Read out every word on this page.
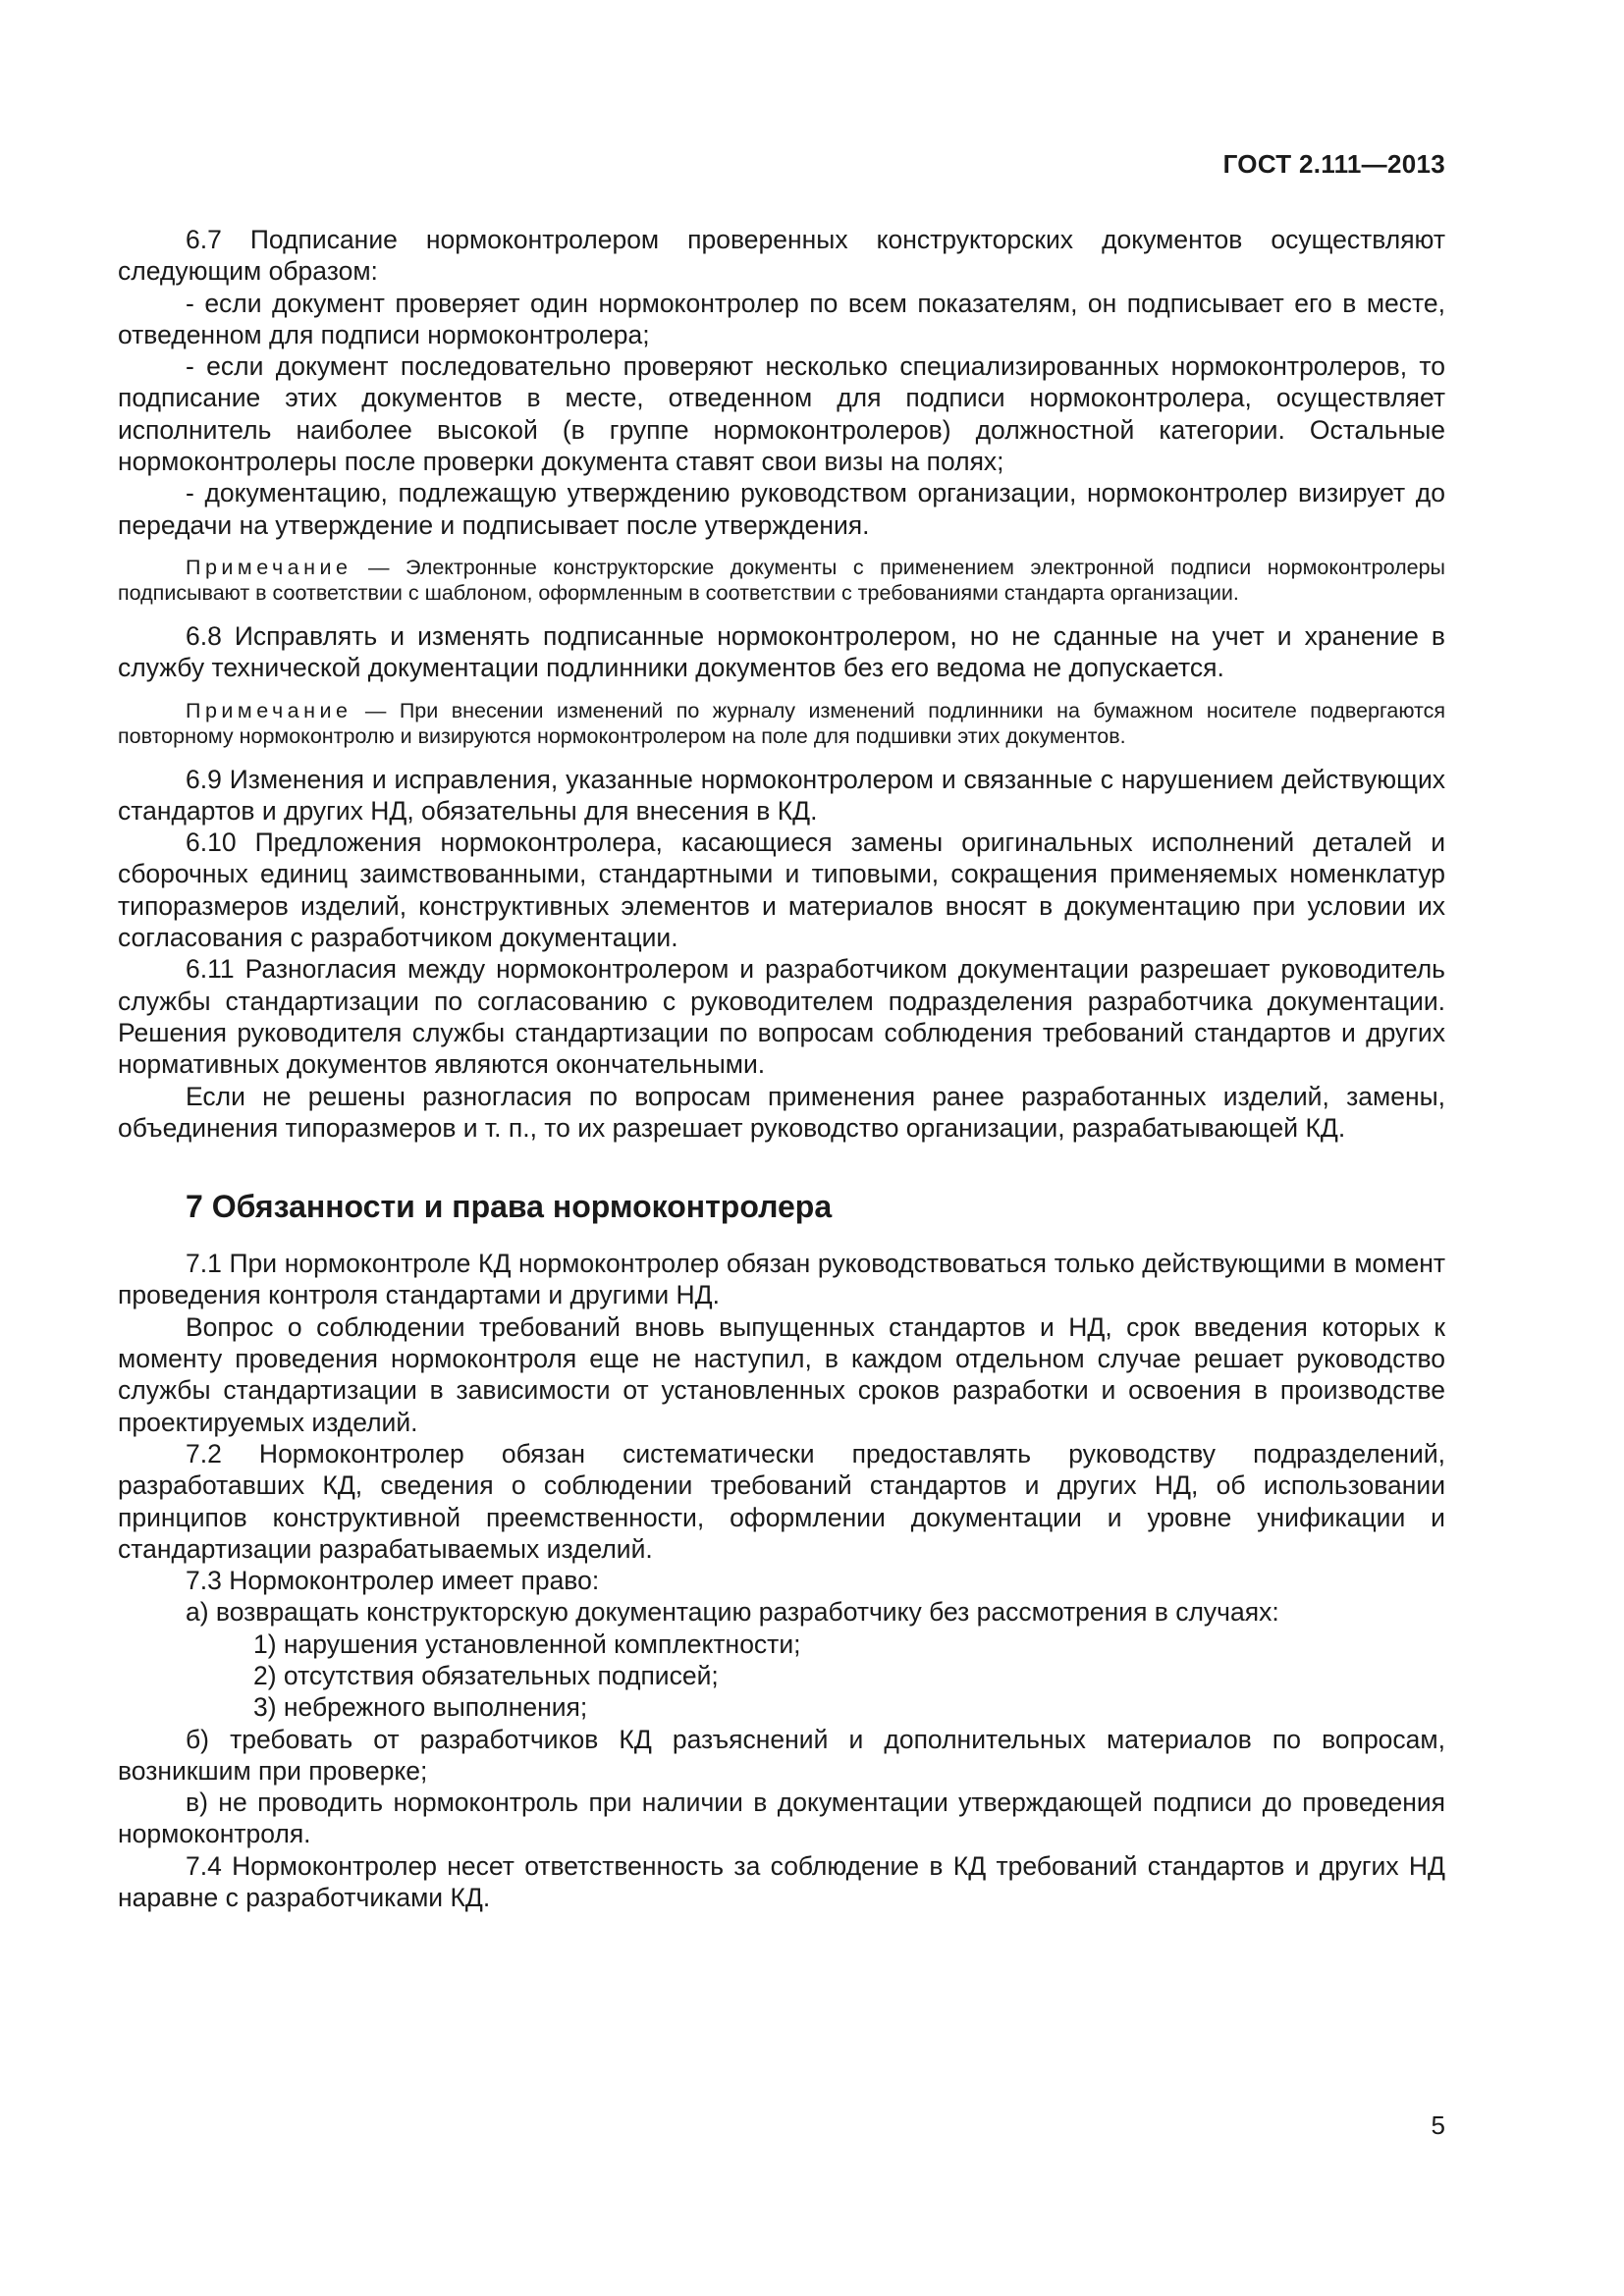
ГОСТ 2.111—2013

6.7 Подписание нормоконтролером проверенных конструкторских документов осуществляют следующим образом:

- если документ проверяет один нормоконтролер по всем показателям, он подписывает его в месте, отведенном для подписи нормоконтролера;

- если документ последовательно проверяют несколько специализированных нормоконтролеров, то подписание этих документов в месте, отведенном для подписи нормоконтролера, осуществляет исполнитель наиболее высокой (в группе нормоконтролеров) должностной категории. Остальные нормоконтролеры после проверки документа ставят свои визы на полях;

- документацию, подлежащую утверждению руководством организации, нормоконтролер визирует до передачи на утверждение и подписывает после утверждения.

Примечание — Электронные конструкторские документы с применением электронной подписи нормоконтролеры подписывают в соответствии с шаблоном, оформленным в соответствии с требованиями стандарта организации.

6.8 Исправлять и изменять подписанные нормоконтролером, но не сданные на учет и хранение в службу технической документации подлинники документов без его ведома не допускается.

Примечание — При внесении изменений по журналу изменений подлинники на бумажном носителе подвергаются повторному нормоконтролю и визируются нормоконтролером на поле для подшивки этих документов.

6.9 Изменения и исправления, указанные нормоконтролером и связанные с нарушением действующих стандартов и других НД, обязательны для внесения в КД.

6.10 Предложения нормоконтролера, касающиеся замены оригинальных исполнений деталей и сборочных единиц заимствованными, стандартными и типовыми, сокращения применяемых номенклатур типоразмеров изделий, конструктивных элементов и материалов вносят в документацию при условии их согласования с разработчиком документации.

6.11 Разногласия между нормоконтролером и разработчиком документации разрешает руководитель службы стандартизации по согласованию с руководителем подразделения разработчика документации. Решения руководителя службы стандартизации по вопросам соблюдения требований стандартов и других нормативных документов являются окончательными.

Если не решены разногласия по вопросам применения ранее разработанных изделий, замены, объединения типоразмеров и т. п., то их разрешает руководство организации, разрабатывающей КД.

7 Обязанности и права нормоконтролера

7.1 При нормоконтроле КД нормоконтролер обязан руководствоваться только действующими в момент проведения контроля стандартами и другими НД.

Вопрос о соблюдении требований вновь выпущенных стандартов и НД, срок введения которых к моменту проведения нормоконтроля еще не наступил, в каждом отдельном случае решает руководство службы стандартизации в зависимости от установленных сроков разработки и освоения в производстве проектируемых изделий.

7.2 Нормоконтролер обязан систематически предоставлять руководству подразделений, разработавших КД, сведения о соблюдении требований стандартов и других НД, об использовании принципов конструктивной преемственности, оформлении документации и уровне унификации и стандартизации разрабатываемых изделий.

7.3 Нормоконтролер имеет право:

а) возвращать конструкторскую документацию разработчику без рассмотрения в случаях:

1) нарушения установленной комплектности;

2) отсутствия обязательных подписей;

3) небрежного выполнения;

б) требовать от разработчиков КД разъяснений и дополнительных материалов по вопросам, возникшим при проверке;

в) не проводить нормоконтроль при наличии в документации утверждающей подписи до проведения нормоконтроля.

7.4 Нормоконтролер несет ответственность за соблюдение в КД требований стандартов и других НД наравне с разработчиками КД.

5
